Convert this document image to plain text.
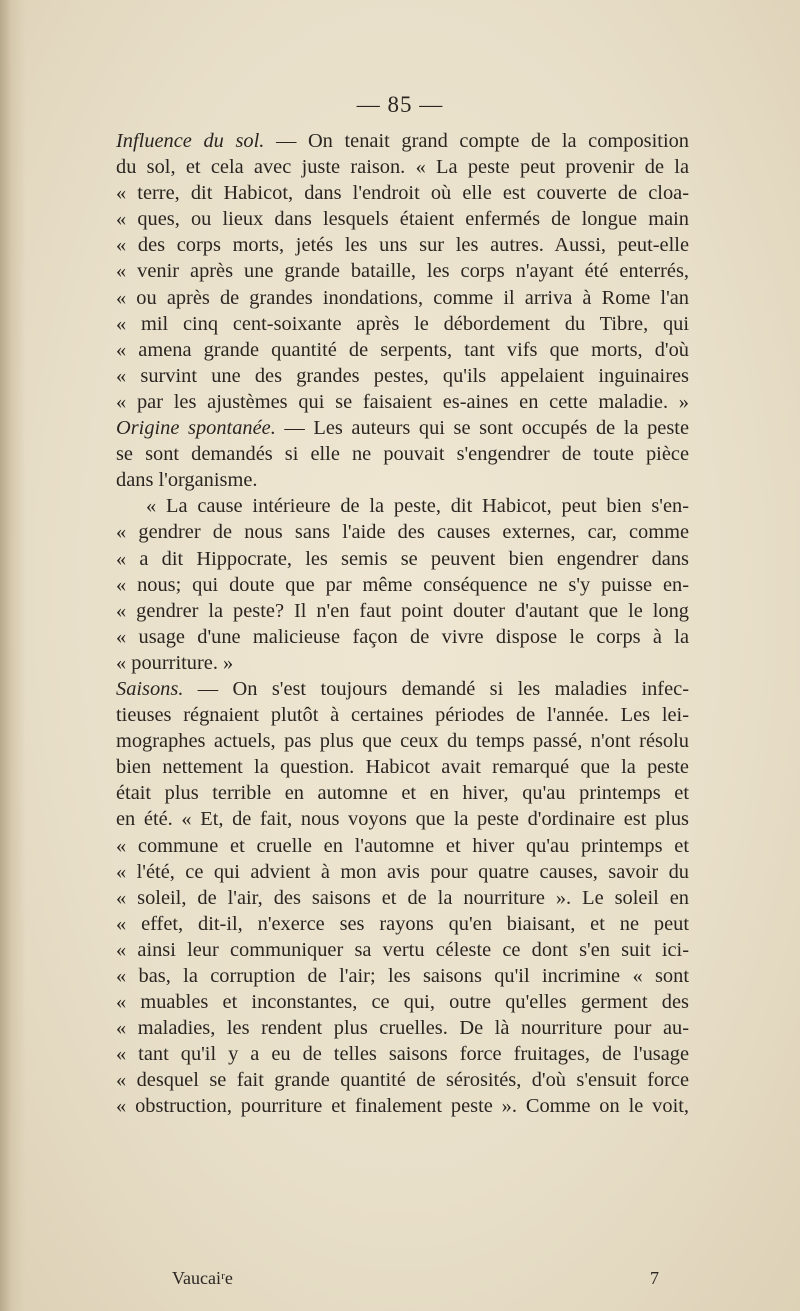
— 85 —
Influence du sol. — On tenait grand compte de la composition
du sol, et cela avec juste raison. « La peste peut provenir de la
« terre, dit Habicot, dans l'endroit où elle est couverte de cloa-
« ques, ou lieux dans lesquels étaient enfermés de longue main
« des corps morts, jetés les uns sur les autres. Aussi, peut-elle
« venir après une grande bataille, les corps n'ayant été enterrés,
« ou après de grandes inondations, comme il arriva à Rome l'an
« mil cinq cent-soixante après le débordement du Tibre, qui
« amena grande quantité de serpents, tant vifs que morts, d'où
« survint une des grandes pestes, qu'ils appelaient inguinaires
« par les ajustèmes qui se faisaient es-aines en cette maladie. »
Origine spontanée. — Les auteurs qui se sont occupés de la peste
se sont demandés si elle ne pouvait s'engendrer de toute pièce
dans l'organisme.
« La cause intérieure de la peste, dit Habicot, peut bien s'en-
« gendrer de nous sans l'aide des causes externes, car, comme
« a dit Hippocrate, les semis se peuvent bien engendrer dans
« nous; qui doute que par même conséquence ne s'y puisse en-
« gendrer la peste? Il n'en faut point douter d'autant que le long
« usage d'une malicieuse façon de vivre dispose le corps à la
« pourriture. »
Saisons. — On s'est toujours demandé si les maladies infec-
tieuses régnaient plutôt à certaines périodes de l'année. Les lei-
mographes actuels, pas plus que ceux du temps passé, n'ont résolu
bien nettement la question. Habicot avait remarqué que la peste
était plus terrible en automne et en hiver, qu'au printemps et
en été. « Et, de fait, nous voyons que la peste d'ordinaire est plus
« commune et cruelle en l'automne et hiver qu'au printemps et
« l'été, ce qui advient à mon avis pour quatre causes, savoir du
« soleil, de l'air, des saisons et de la nourriture ». Le soleil en
« effet, dit-il, n'exerce ses rayons qu'en biaisant, et ne peut
« ainsi leur communiquer sa vertu céleste ce dont s'en suit ici-
« bas, la corruption de l'air; les saisons qu'il incrimine « sont
« muables et inconstantes, ce qui, outre qu'elles germent des
« maladies, les rendent plus cruelles. De là nourriture pour au-
« tant qu'il y a eu de telles saisons force fruitages, de l'usage
« desquel se fait grande quantité de sérosités, d'où s'ensuit force
« obstruction, pourriture et finalement peste ». Comme on le voit,
Vaucaiʳe	7
